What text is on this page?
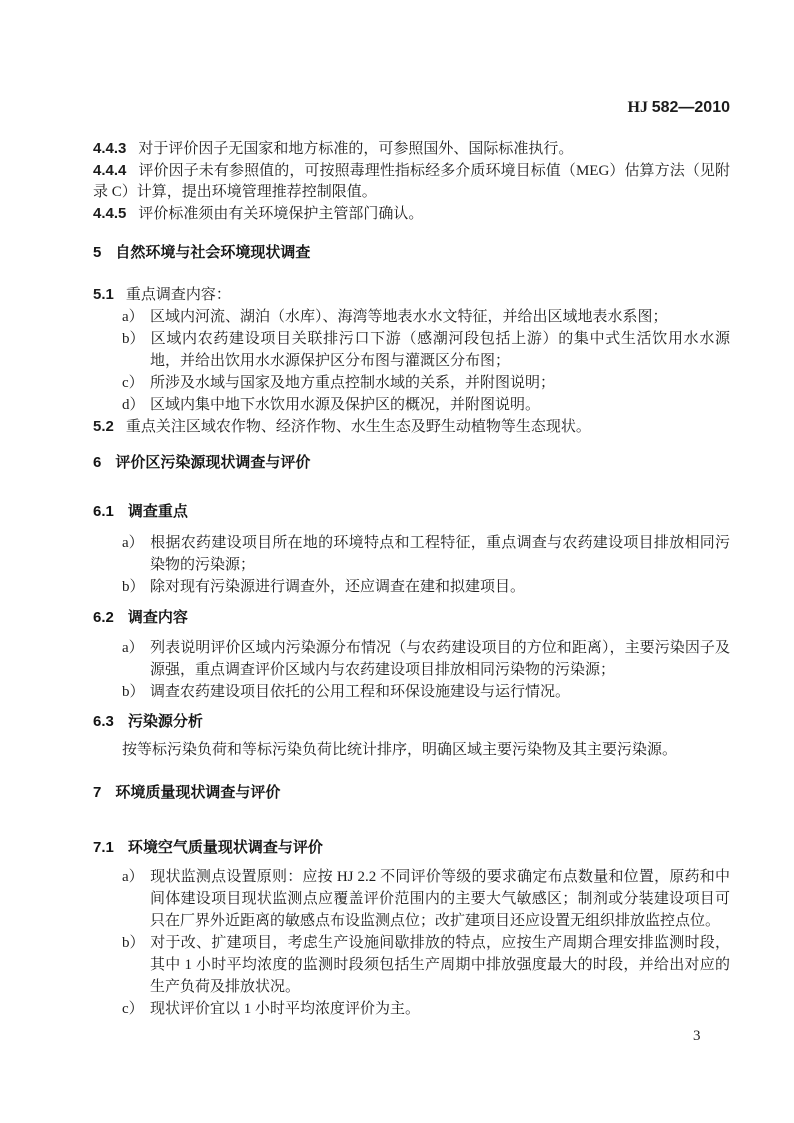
HJ 582—2010

4.4.3 对于评价因子无国家和地方标准的，可参照国外、国际标准执行。

4.4.4 评价因子未有参照值的，可按照毒理性指标经多介质环境目标值（MEG）估算方法（见附录 C）计算，提出环境管理推荐控制限值。

4.4.5 评价标准须由有关环境保护主管部门确认。

5 自然环境与社会环境现状调查

5.1 重点调查内容：

a） 区域内河流、湖泊（水库）、海湾等地表水水文特征，并给出区域地表水系图；

b） 区域内农药建设项目关联排污口下游（感潮河段包括上游）的集中式生活饮用水水源地，并给出饮用水水源保护区分布图与灌溉区分布图；

c） 所涉及水域与国家及地方重点控制水域的关系，并附图说明；

d） 区域内集中地下水饮用水源及保护区的概况，并附图说明。

5.2 重点关注区域农作物、经济作物、水生生态及野生动植物等生态现状。

6 评价区污染源现状调查与评价
6.1 调查重点

a） 根据农药建设项目所在地的环境特点和工程特征，重点调查与农药建设项目排放相同污染物的污染源；

b） 除对现有污染源进行调查外，还应调查在建和拟建项目。

6.2 调查内容

a） 列表说明评价区域内污染源分布情况（与农药建设项目的方位和距离），主要污染因子及源强，重点调查评价区域内与农药建设项目排放相同污染物的污染源；

b） 调查农药建设项目依托的公用工程和环保设施建设与运行情况。

6.3 污染源分析

按等标污染负荷和等标污染负荷比统计排序，明确区域主要污染物及其主要污染源。

7 环境质量现状调查与评价
7.1 环境空气质量现状调查与评价

a） 现状监测点设置原则：应按 HJ 2.2 不同评价等级的要求确定布点数量和位置，原药和中间体建设项目现状监测点应覆盖评价范围内的主要大气敏感区；制剂或分装建设项目可只在厂界外近距离的敏感点布设监测点位；改扩建项目还应设置无组织排放监控点位。

b） 对于改、扩建项目，考虑生产设施间歇排放的特点，应按生产周期合理安排监测时段，其中 1 小时平均浓度的监测时段须包括生产周期中排放强度最大的时段，并给出对应的生产负荷及排放状况。

c） 现状评价宜以 1 小时平均浓度评价为主。

3
